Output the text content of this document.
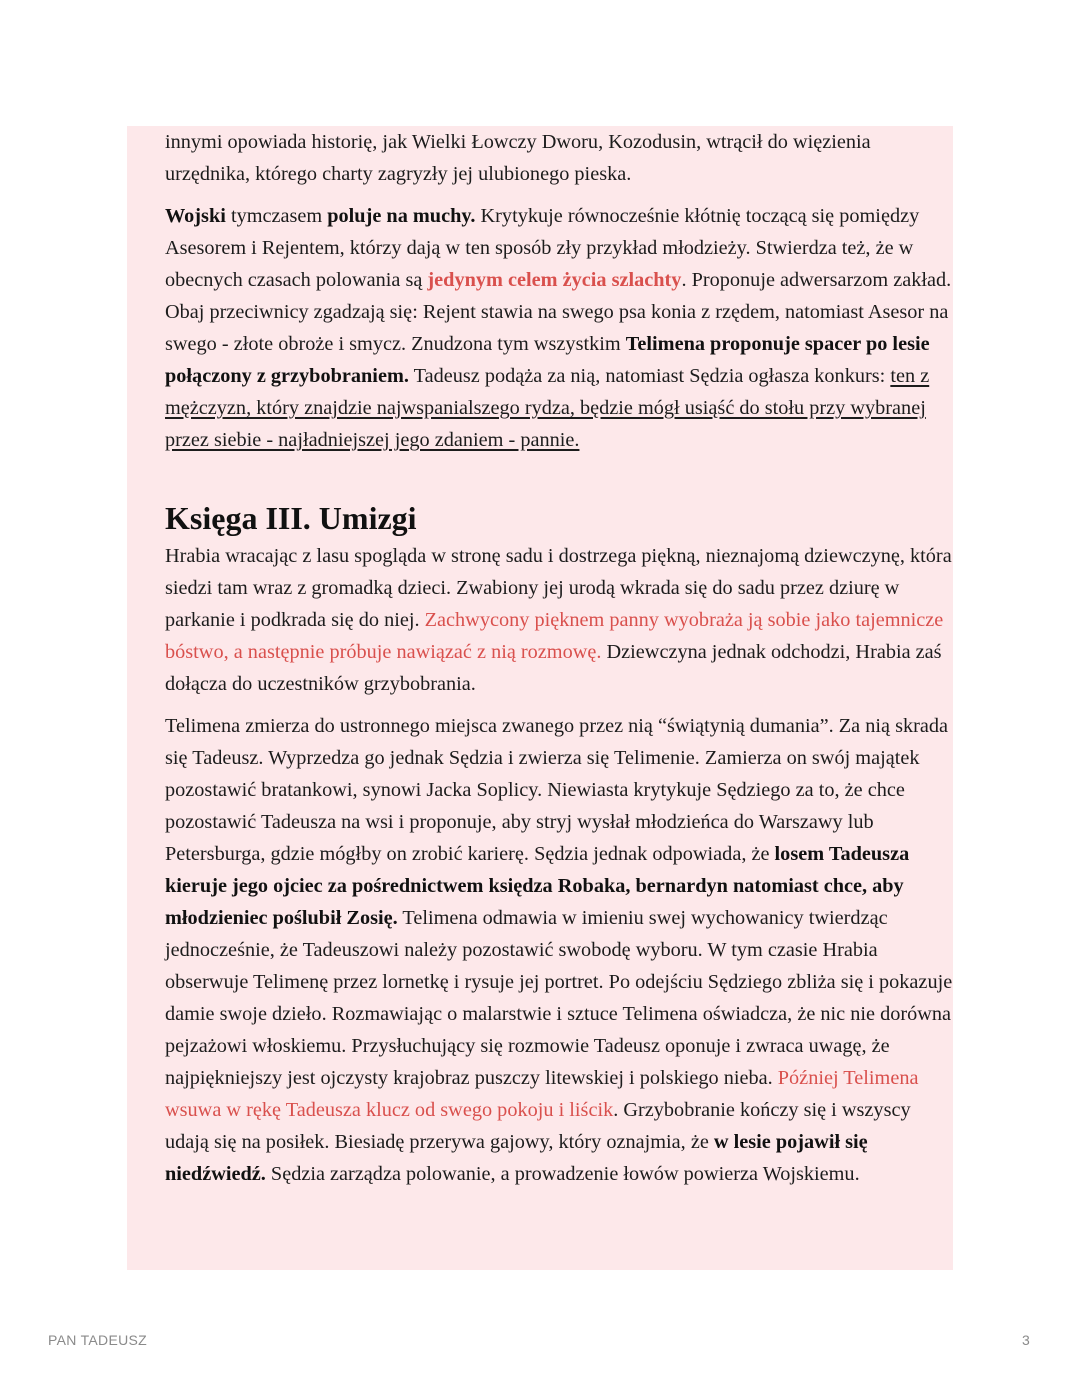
innymi opowiada historię, jak Wielki Łowczy Dworu, Kozodusin, wtrącił do więzienia urzędnika, którego charty zagryzły jej ulubionego pieska.

Wojski tymczasem poluje na muchy. Krytykuje równocześnie kłótnię toczącą się pomiędzy Asesorem i Rejentem, którzy dają w ten sposób zły przykład młodzieży. Stwierdza też, że w obecnych czasach polowania są jedynym celem życia szlachty. Proponuje adwersarzom zakład. Obaj przeciwnicy zgadzają się: Rejent stawia na swego psa konia z rzędem, natomiast Asesor na swego - złote obroże i smycz. Znudzona tym wszystkim Telimena proponuje spacer po lesie połączony z grzybobraniem. Tadeusz podąża za nią, natomiast Sędzia ogłasza konkurs: ten z mężczyzn, który znajdzie najwspanialszego rydza, będzie mógł usiąść do stołu przy wybranej przez siebie - najładniejszej jego zdaniem - pannie.

Księga III. Umizgi

Hrabia wracając z lasu spogląda w stronę sadu i dostrzega piękną, nieznajomą dziewczynę, która siedzi tam wraz z gromadką dzieci. Zwabiony jej urodą wkrada się do sadu przez dziurę w parkanie i podkrada się do niej. Zachwycony pięknem panny wyobraża ją sobie jako tajemnicze bóstwo, a następnie próbuje nawiązać z nią rozmowę. Dziewczyna jednak odchodzi, Hrabia zaś dołącza do uczestników grzybobrania.

Telimena zmierza do ustronnego miejsca zwanego przez nią “świątynią dumania”. Za nią skrada się Tadeusz. Wyprzedza go jednak Sędzia i zwierza się Telimenie. Zamierza on swój majątek pozostawić bratankowi, synowi Jacka Soplicy. Niewiasta krytykuje Sędziego za to, że chce pozostawić Tadeusza na wsi i proponuje, aby stryj wysłał młodzieńca do Warszawy lub Petersburga, gdzie mógłby on zrobić karierę. Sędzia jednak odpowiada, że losem Tadeusza kieruje jego ojciec za pośrednictwem księdza Robaka, bernardyn natomiast chce, aby młodzieniec poślubił Zosię. Telimena odmawia w imieniu swej wychowanicy twierdząc jednocześnie, że Tadeuszowi należy pozostawić swobodę wyboru. W tym czasie Hrabia obserwuje Telimenę przez lornetkę i rysuje jej portret. Po odejściu Sędziego zbliża się i pokazuje damie swoje dzieło. Rozmawiając o malarstwie i sztuce Telimena oświadcza, że nic nie dorówna pejzażowi włoskiemu. Przysłuchujący się rozmowie Tadeusz oponuje i zwraca uwagę, że najpiękniejszy jest ojczysty krajobraz puszczy litewskiej i polskiego nieba. Później Telimena wsuwa w rękę Tadeusza klucz od swego pokoju i liścik. Grzybobranie kończy się i wszyscy udają się na posiłek. Biesiadę przerywa gajowy, który oznajmia, że w lesie pojawił się niedźwiedź. Sędzia zarządza polowanie, a prowadzenie łowów powierza Wojskiemu.

PAN TADEUSZ	3
